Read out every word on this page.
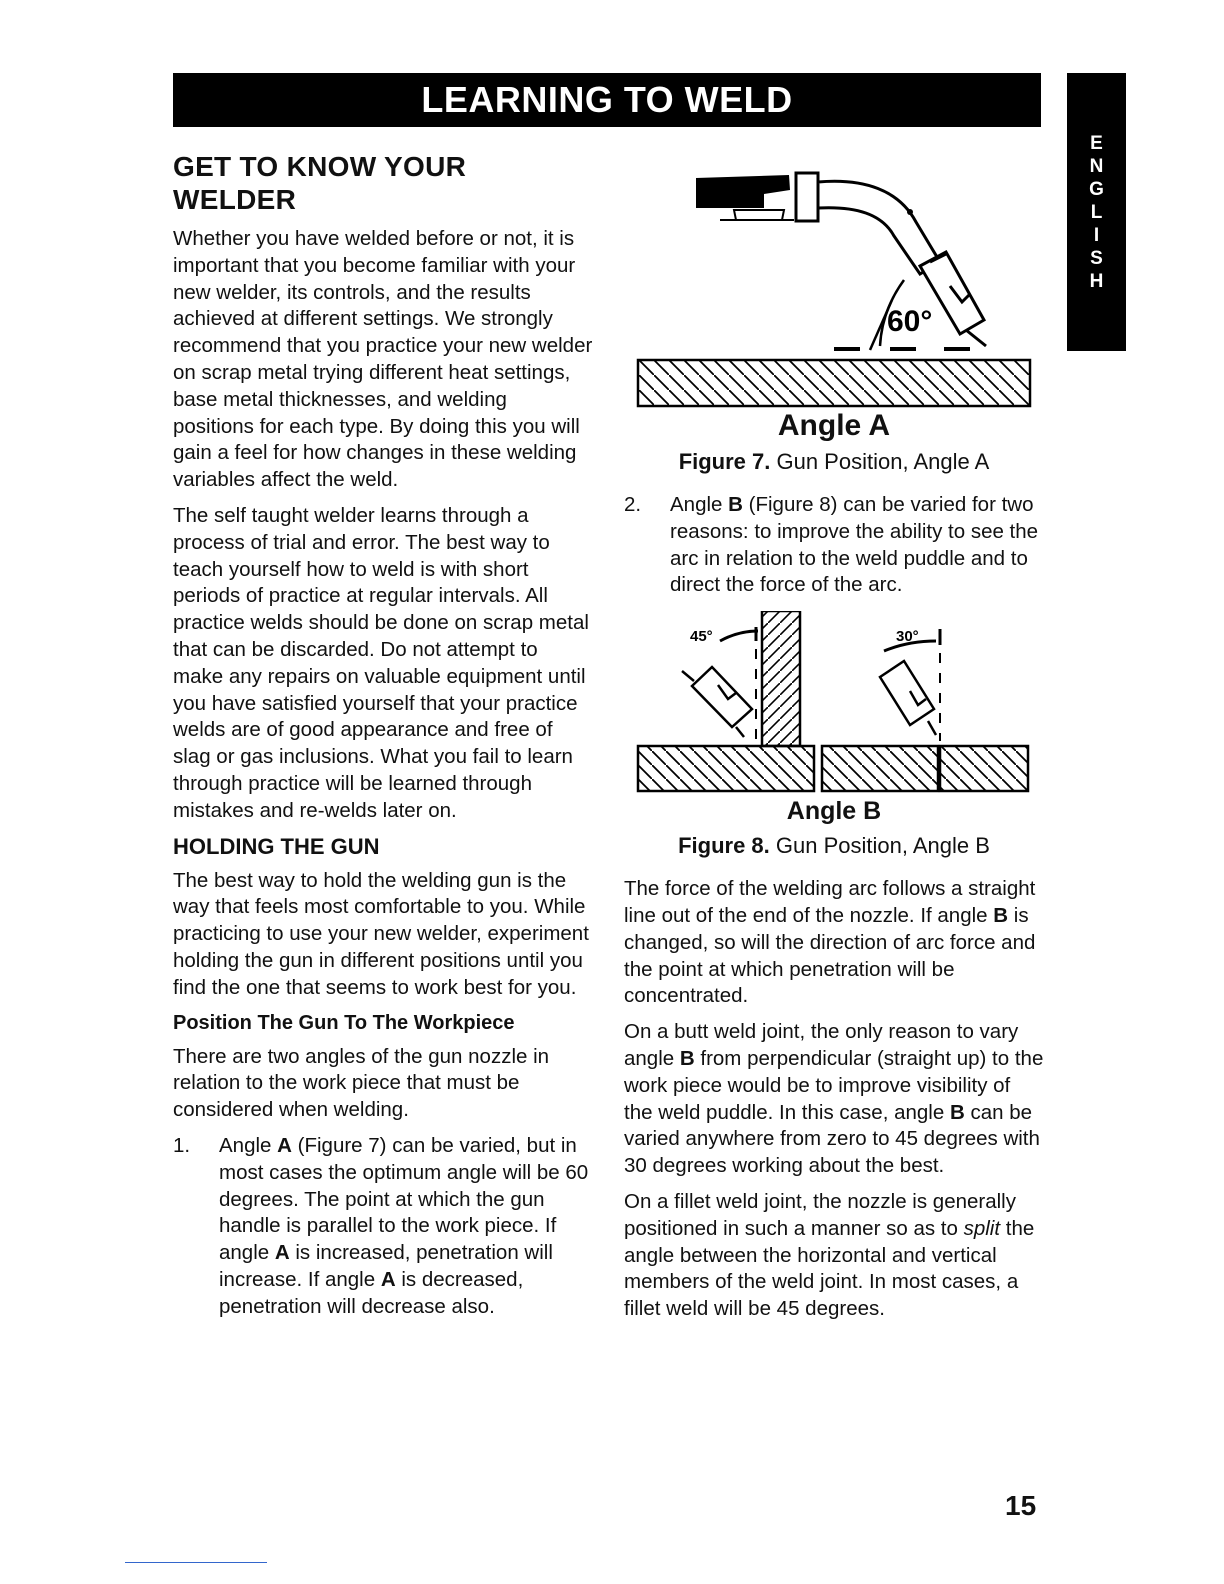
LEARNING TO WELD
E
N
G
L
I
S
H
GET TO KNOW YOUR WELDER

Whether you have welded before or not, it is important that you become familiar with your new welder, its controls, and the results achieved at different settings. We strongly recommend that you practice your new welder on scrap metal trying different heat settings, base metal thicknesses, and welding positions for each type. By doing this you will gain a feel for how changes in these welding variables affect the weld.

The self taught welder learns through a process of trial and error. The best way to teach yourself how to weld is with short periods of practice at regular intervals. All practice welds should be done on scrap metal that can be discarded. Do not attempt to make any repairs on valuable equipment until you have satisfied yourself that your practice welds are of good appearance and free of slag or gas inclusions. What you fail to learn through practice will be learned through mistakes and re-welds later on.

HOLDING THE GUN

The best way to hold the welding gun is the way that feels most comfortable to you. While practicing to use your new welder, experiment holding the gun in different positions until you find the one that seems to work best for you.

Position The Gun To The Workpiece

There are two angles of the gun nozzle in relation to the work piece that must be considered when welding.

1.	Angle A (Figure 7) can be varied, but in most cases the optimum angle will be 60 degrees. The point at which the gun handle is parallel to the work piece. If angle A is increased, penetration will increase. If angle A is decreased, penetration will decrease also.
60°
Angle A
Figure 7. Gun Position, Angle A
2.	Angle B (Figure 8) can be varied for two reasons: to improve the ability to see the arc in relation to the weld puddle and to direct the force of the arc.
45°	30°
Angle B
Figure 8. Gun Position, Angle B

The force of the welding arc follows a straight line out of the end of the nozzle. If angle B is changed, so will the direction of arc force and the point at which penetration will be concentrated.

On a butt weld joint, the only reason to vary angle B from perpendicular (straight up) to the work piece would be to improve visibility of the weld puddle. In this case, angle B can be varied anywhere from zero to 45 degrees with 30 degrees working about the best.

On a fillet weld joint, the nozzle is generally positioned in such a manner so as to split the angle between the horizontal and vertical members of the weld joint. In most cases, a fillet weld will be 45 degrees.

15
